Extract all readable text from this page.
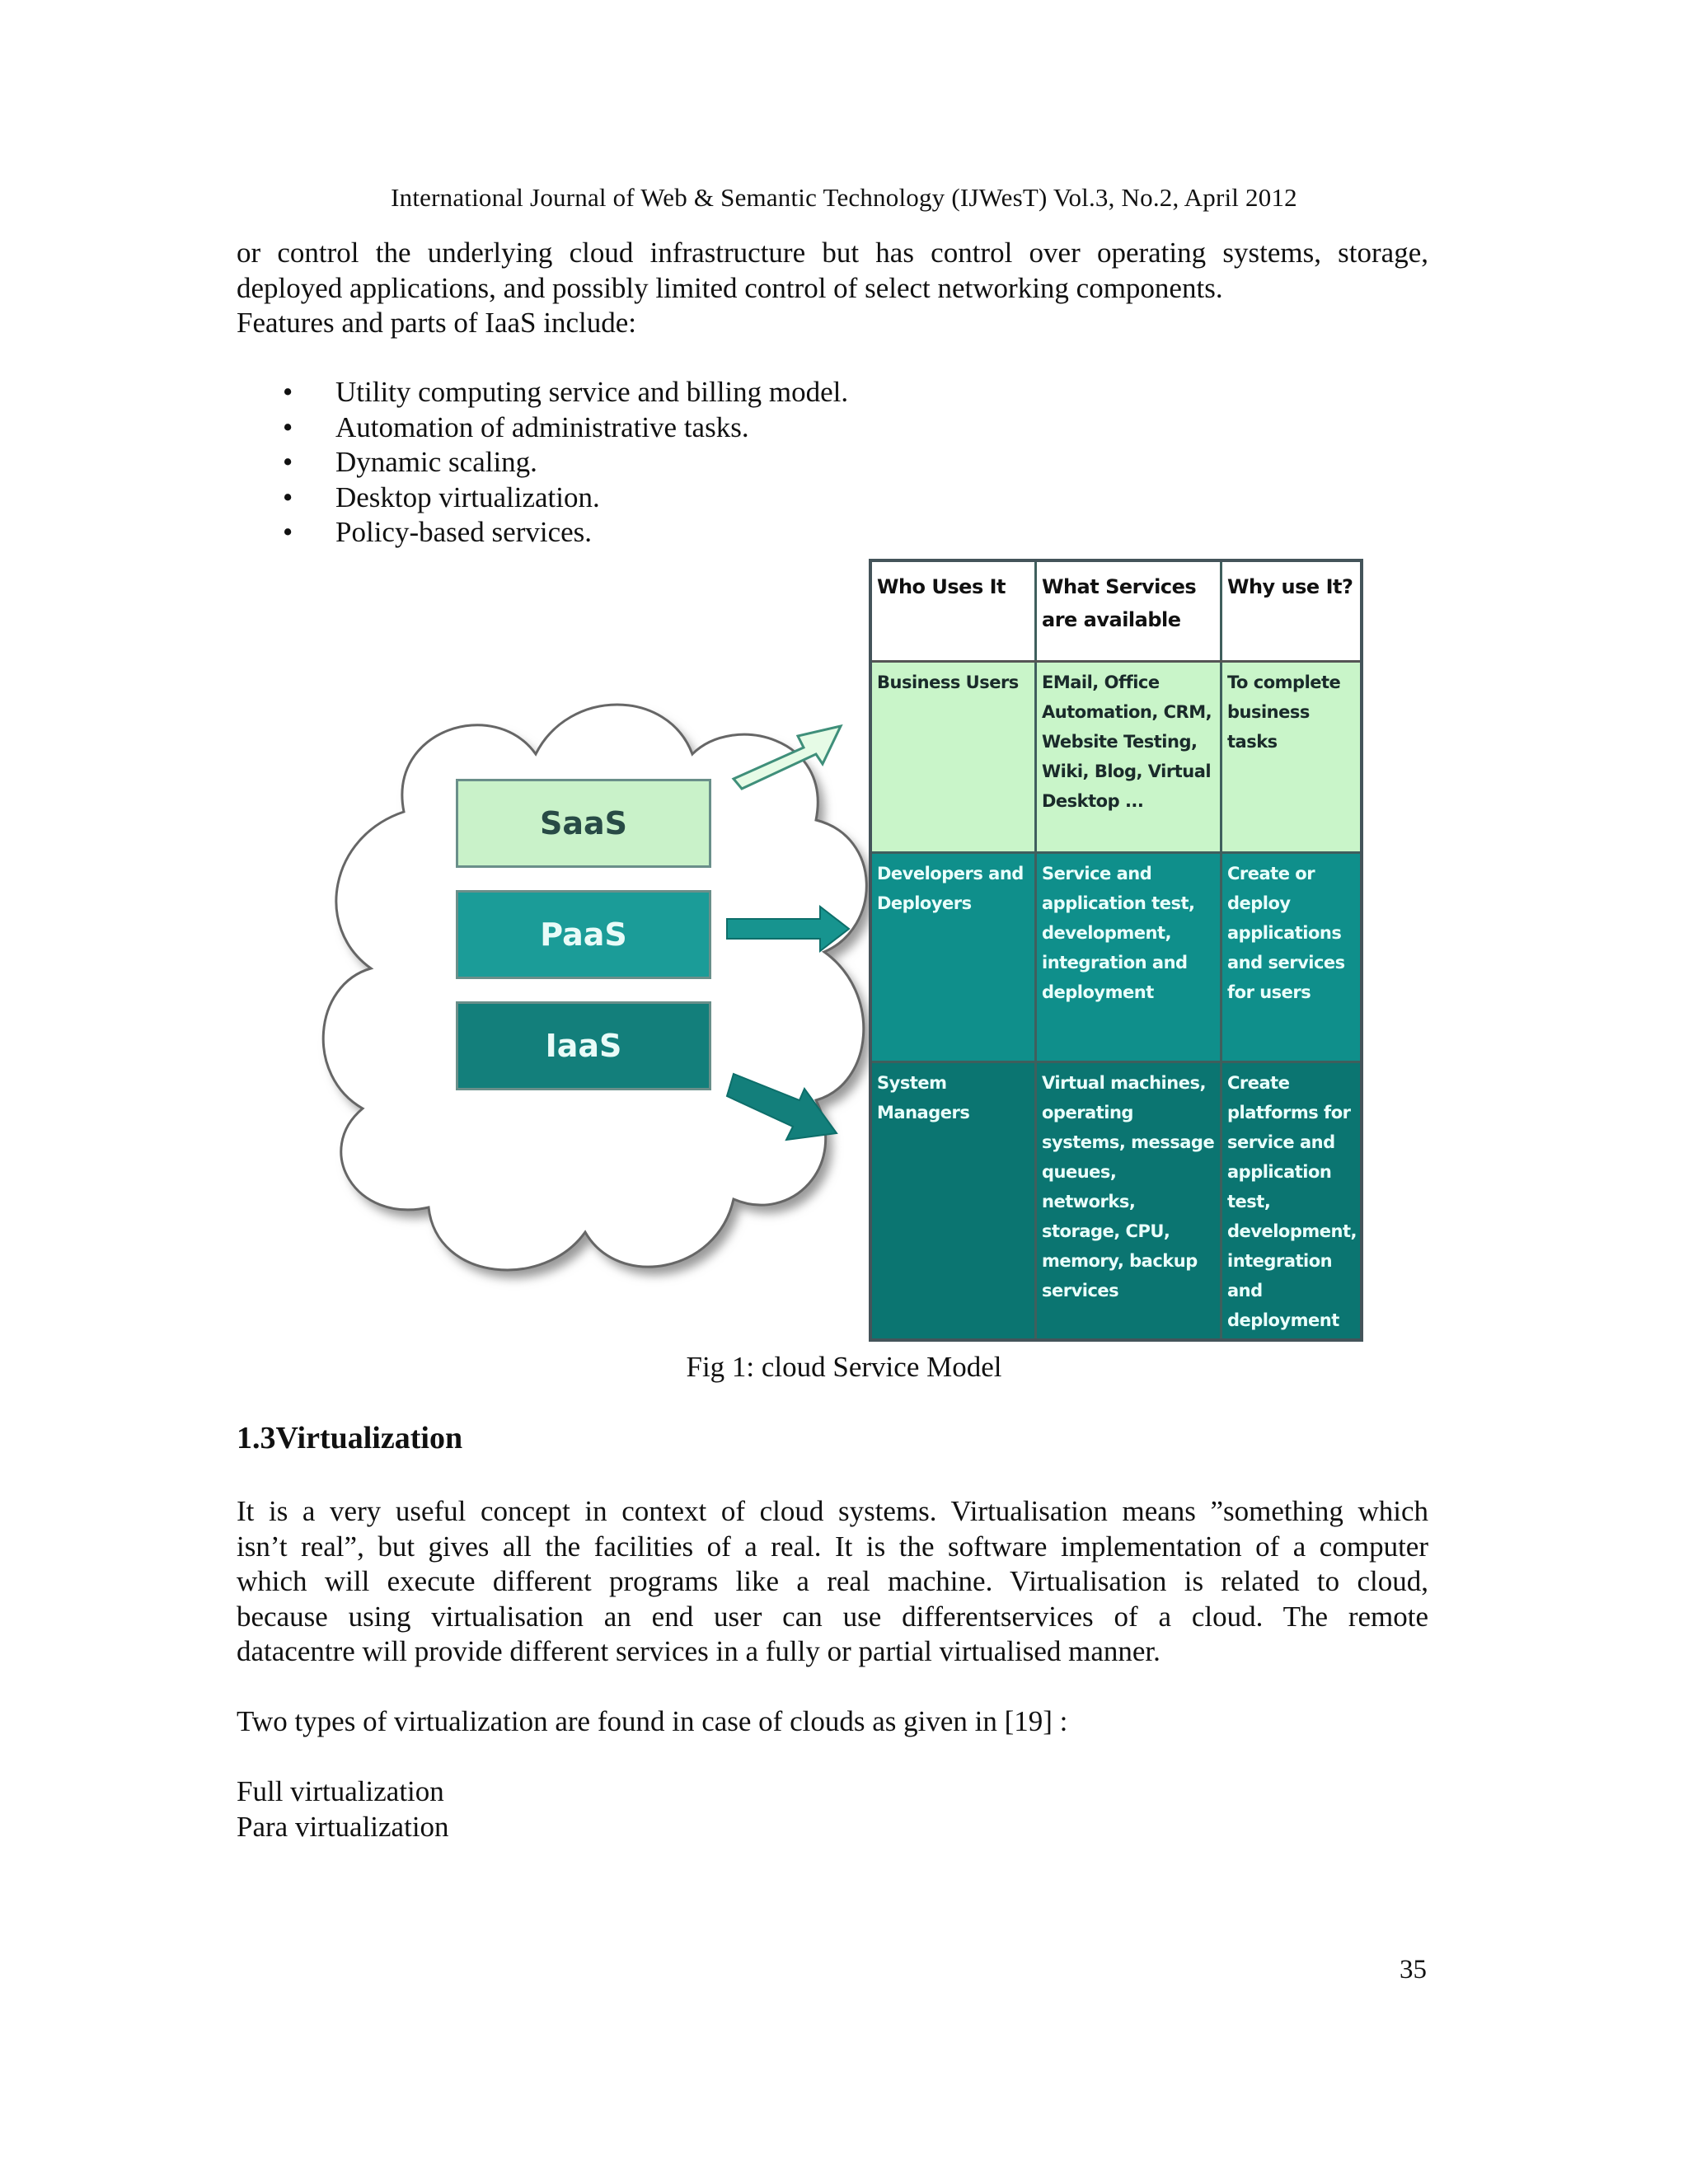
International Journal of Web & Semantic Technology (IJWesT) Vol.3, No.2, April 2012
or control the underlying cloud infrastructure but has control over operating systems, storage,
deployed applications, and possibly limited control of select networking components.
Features and parts of IaaS include:
• Utility computing service and billing model.
• Automation of administrative tasks.
• Dynamic scaling.
• Desktop virtualization.
• Policy-based services.
SaaS
PaaS
IaaS
Who Uses It	What Services are available
Why use It?
Business Users	EMail, Office Automation, CRM, Website Testing, Wiki, Blog, Virtual Desktop ...
To complete business tasks
Developers and Deployers
Service and application test, development, integration and deployment
Create or deploy applications and services for users
System Managers
Virtual machines, operating systems, message queues, networks, storage, CPU, memory, backup services
Create platforms for service and application test, development, integration and deployment
Fig 1: cloud Service Model
1.3Virtualization
It is a very useful concept in context of cloud systems. Virtualisation means ”something which
isn’t real”, but gives all the facilities of a real. It is the software implementation of a computer
which will execute different programs like a real machine. Virtualisation is related to cloud,
because using virtualisation an end user can use differentservices of a cloud. The remote
datacentre will provide different services in a fully or partial virtualised manner.
Two types of virtualization are found in case of clouds as given in [19] :
Full virtualization
Para virtualization
35
